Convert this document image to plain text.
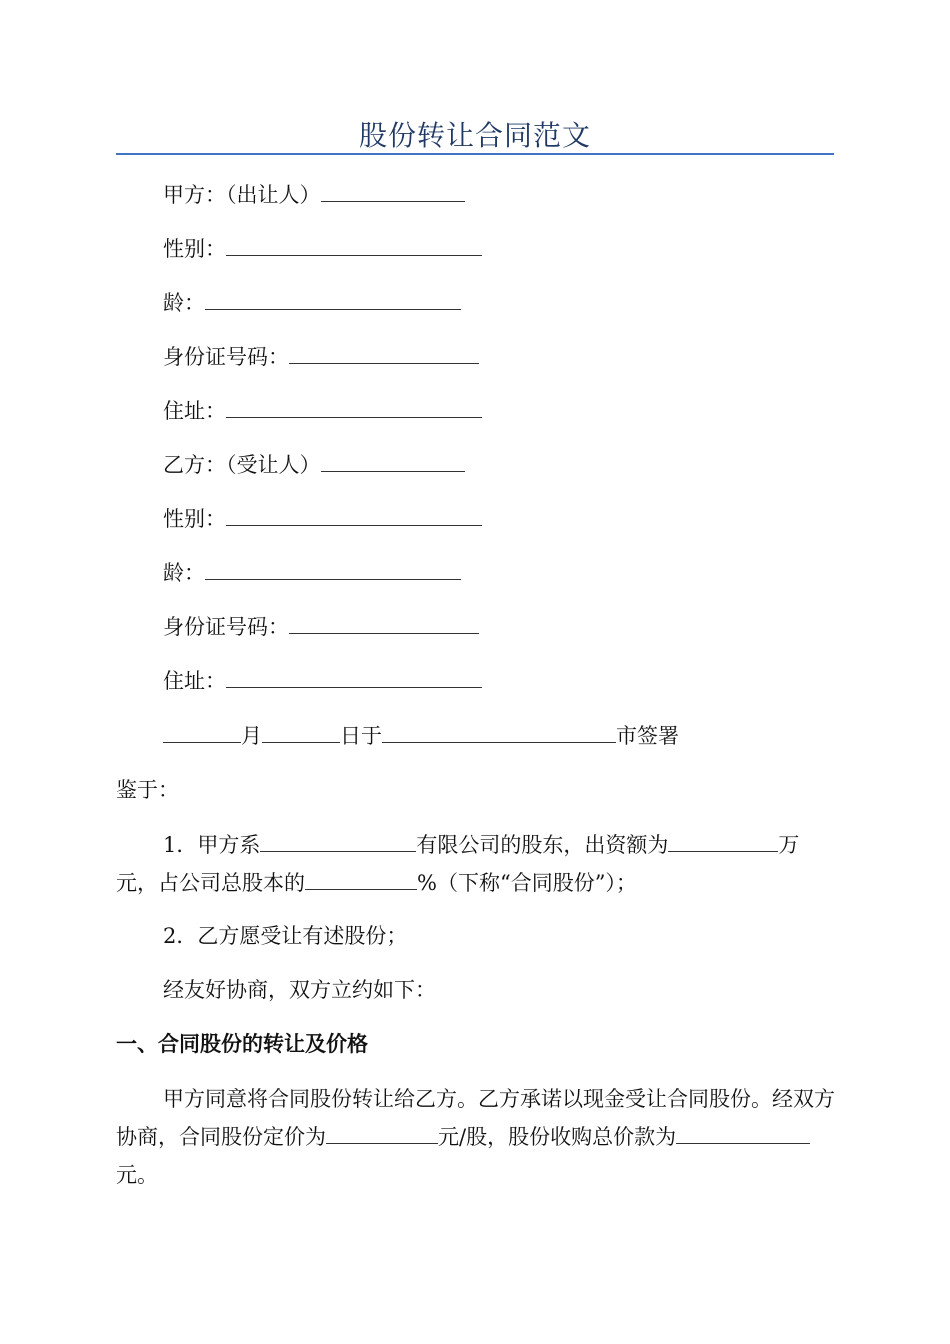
股份转让合同范文
甲方：（出让人）
性别：
龄：
身份证号码：
住址：
乙方：（受让人）
性别：
龄：
身份证号码：
住址：
月	日于	市签署
鉴于：
1．甲方系	有限公司的股东，出资额为	万元，占公司总股本的	%（下称“合同股份”）；
2．乙方愿受让有述股份；
经友好协商，双方立约如下：
一、合同股份的转让及价格
甲方同意将合同股份转让给乙方。乙方承诺以现金受让合同股份。经双方协商，合同股份定价为	元/股，股份收购总价款为元。
